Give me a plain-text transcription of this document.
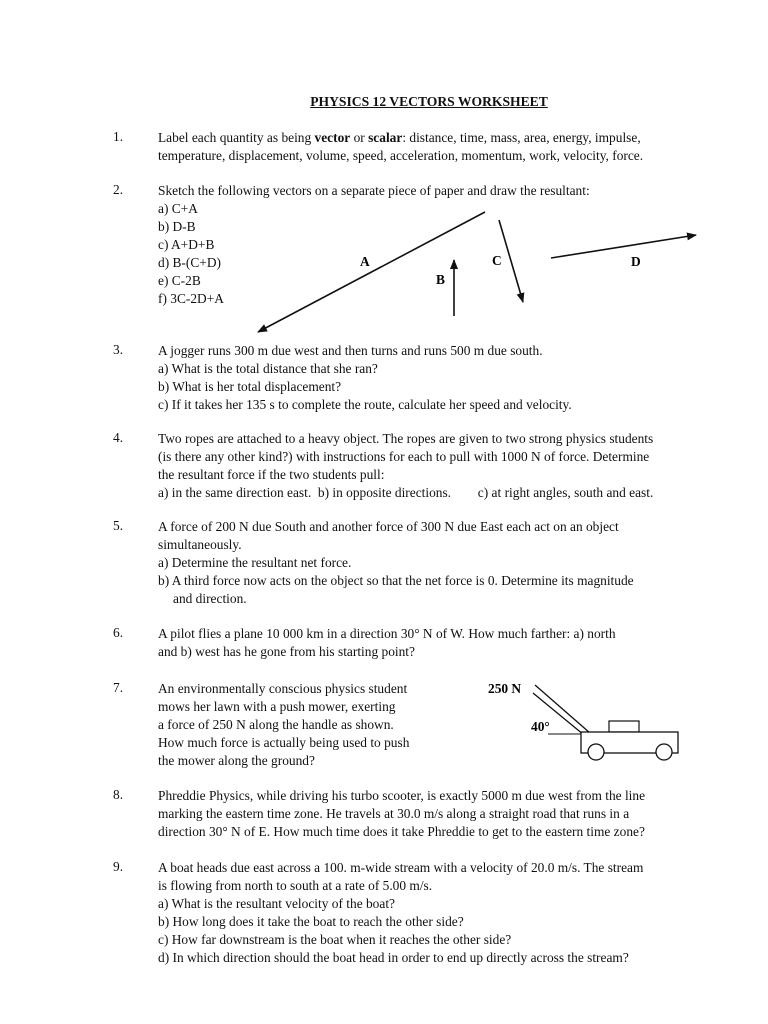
PHYSICS 12 VECTORS WORKSHEET
1.	Label each quantity as being vector or scalar: distance, time, mass, area, energy, impulse,
temperature, displacement, volume, speed, acceleration, momentum, work, velocity, force.
2.	Sketch the following vectors on a separate piece of paper and draw the resultant:
a) C+A
b) D-B
c) A+D+B
d) B-(C+D)
e) C-2B
f) 3C-2D+A
A
B
C	D
250 N
40°
3.	A jogger runs 300 m due west and then turns and runs 500 m due south.
a) What is the total distance that she ran?
b) What is her total displacement?
c) If it takes her 135 s to complete the route, calculate her speed and velocity.
4.	Two ropes are attached to a heavy object. The ropes are given to two strong physics students
(is there any other kind?) with instructions for each to pull with 1000 N of force. Determine
the resultant force if the two students pull:
a) in the same direction east.  b) in opposite directions.        c) at right angles, south and east.
5.	A force of 200 N due South and another force of 300 N due East each act on an object
simultaneously.
a) Determine the resultant net force.
b) A third force now acts on the object so that the net force is 0. Determine its magnitude
and direction.
6.	A pilot flies a plane 10 000 km in a direction 30° N of W. How much farther: a) north
and b) west has he gone from his starting point?
7.	An environmentally conscious physics student
mows her lawn with a push mower, exerting
a force of 250 N along the handle as shown.
How much force is actually being used to push
the mower along the ground?
8.	Phreddie Physics, while driving his turbo scooter, is exactly 5000 m due west from the line
marking the eastern time zone. He travels at 30.0 m/s along a straight road that runs in a
direction 30° N of E. How much time does it take Phreddie to get to the eastern time zone?
9.	A boat heads due east across a 100. m-wide stream with a velocity of 20.0 m/s. The stream
is flowing from north to south at a rate of 5.00 m/s.
a) What is the resultant velocity of the boat?
b) How long does it take the boat to reach the other side?
c) How far downstream is the boat when it reaches the other side?
d) In which direction should the boat head in order to end up directly across the stream?
